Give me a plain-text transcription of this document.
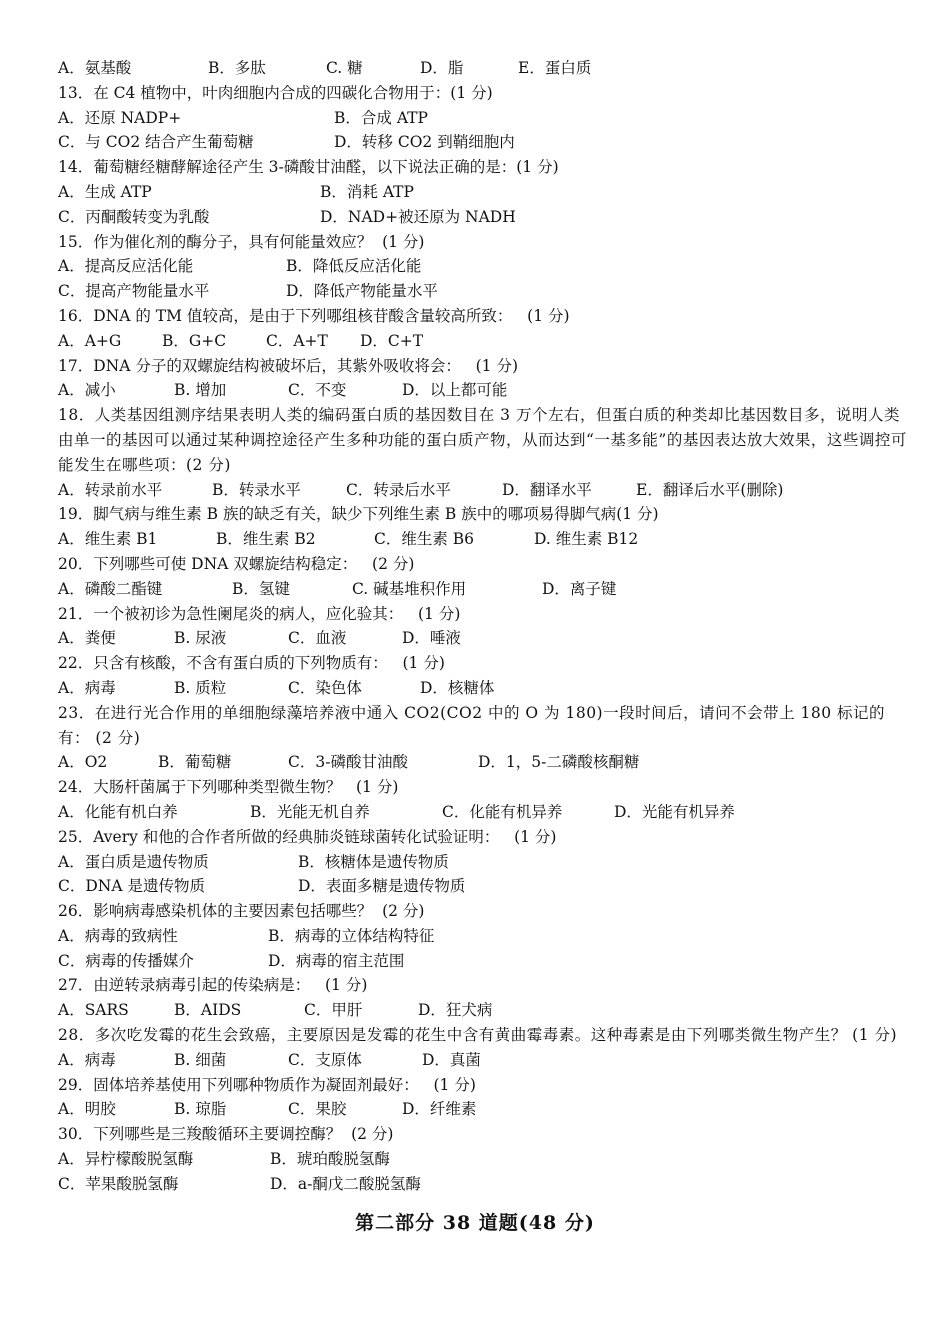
A．氨基酸	B．多肽	C. 糖	D．脂	E．蛋白质
13．在 C4 植物中，叶肉细胞内合成的四碳化合物用于：(1 分)
A．还原 NADP+	B．合成 ATP
C．与 CO2 结合产生葡萄糖	D．转移 CO2 到鞘细胞内
14．葡萄糖经糖酵解途径产生 3-磷酸甘油醛，以下说法正确的是：(1 分)
A．生成 ATP	B．消耗 ATP
C．丙酮酸转变为乳酸	D．NAD+被还原为 NADH
15．作为催化剂的酶分子，具有何能量效应？  (1 分)
A．提高反应活化能	B．降低反应活化能
C．提高产物能量水平	D．降低产物能量水平
16．DNA 的 TM 值较高，是由于下列哪组核苷酸含量较高所致：   (1 分)
A．A+G	B．G+C	C．A+T	D．C+T
17．DNA 分子的双螺旋结构被破坏后，其紫外吸收将会：   (1 分)
A．减小	B. 增加	C．不变	D．以上都可能
18．人类基因组测序结果表明人类的编码蛋白质的基因数目在 3 万个左右，但蛋白质的种类却比基因数目多，说明人类由单一的基因可以通过某种调控途径产生多种功能的蛋白质产物，从而达到“一基多能”的基因表达放大效果，这些调控可能发生在哪些项：(2 分)
A．转录前水平	B．转录水平	C．转录后水平	D．翻译水平	E．翻译后水平(删除)
19．脚气病与维生素 B 族的缺乏有关，缺少下列维生素 B 族中的哪项易得脚气病(1 分)
A．维生素 B1	B．维生素 B2	C．维生素 B6	D. 维生素 B12
20．下列哪些可使 DNA 双螺旋结构稳定：   (2 分)
A．磷酸二酯键	B．氢键	C. 碱基堆积作用	D．离子键
21．一个被初诊为急性阑尾炎的病人，应化验其：   (1 分)
A．粪便	B. 尿液	C．血液	D．唾液
22．只含有核酸，不含有蛋白质的下列物质有：   (1 分)
A．病毒	B. 质粒	C．染色体	D．核糖体
23．在进行光合作用的单细胞绿藻培养液中通入 CO2(CO2 中的 O 为 180)一段时间后，请问不会带上 180 标记的有： (2 分)
A．O2	B．葡萄糖	C．3-磷酸甘油酸	D．1，5-二磷酸核酮糖
24．大肠杆菌属于下列哪种类型微生物？   (1 分)
A．化能有机白养	B．光能无机自养	C．化能有机异养	D．光能有机异养
25．Avery 和他的合作者所做的经典肺炎链球菌转化试验证明：   (1 分)
A．蛋白质是遗传物质	B．核糖体是遗传物质
C．DNA 是遗传物质	D．表面多糖是遗传物质
26．影响病毒感染机体的主要因素包括哪些？  (2 分)
A．病毒的致病性	B．病毒的立体结构特征
C．病毒的传播媒介	D．病毒的宿主范围
27．由逆转录病毒引起的传染病是：   (1 分)
A．SARS	B．AIDS	C．甲肝	D．狂犬病
28．多次吃发霉的花生会致癌，主要原因是发霉的花生中含有黄曲霉毒素。这种毒素是由下列哪类微生物产生？ (1 分)
A．病毒	B. 细菌	C．支原体	D．真菌
29．固体培养基使用下列哪种物质作为凝固剂最好：   (1 分)
A．明胶	B. 琼脂	C．果胶	D．纤维素
30．下列哪些是三羧酸循环主要调控酶？  (2 分)
A．异柠檬酸脱氢酶	B．琥珀酸脱氢酶
C．苹果酸脱氢酶	D．a-酮戊二酸脱氢酶
第二部分 38 道题(48 分)
